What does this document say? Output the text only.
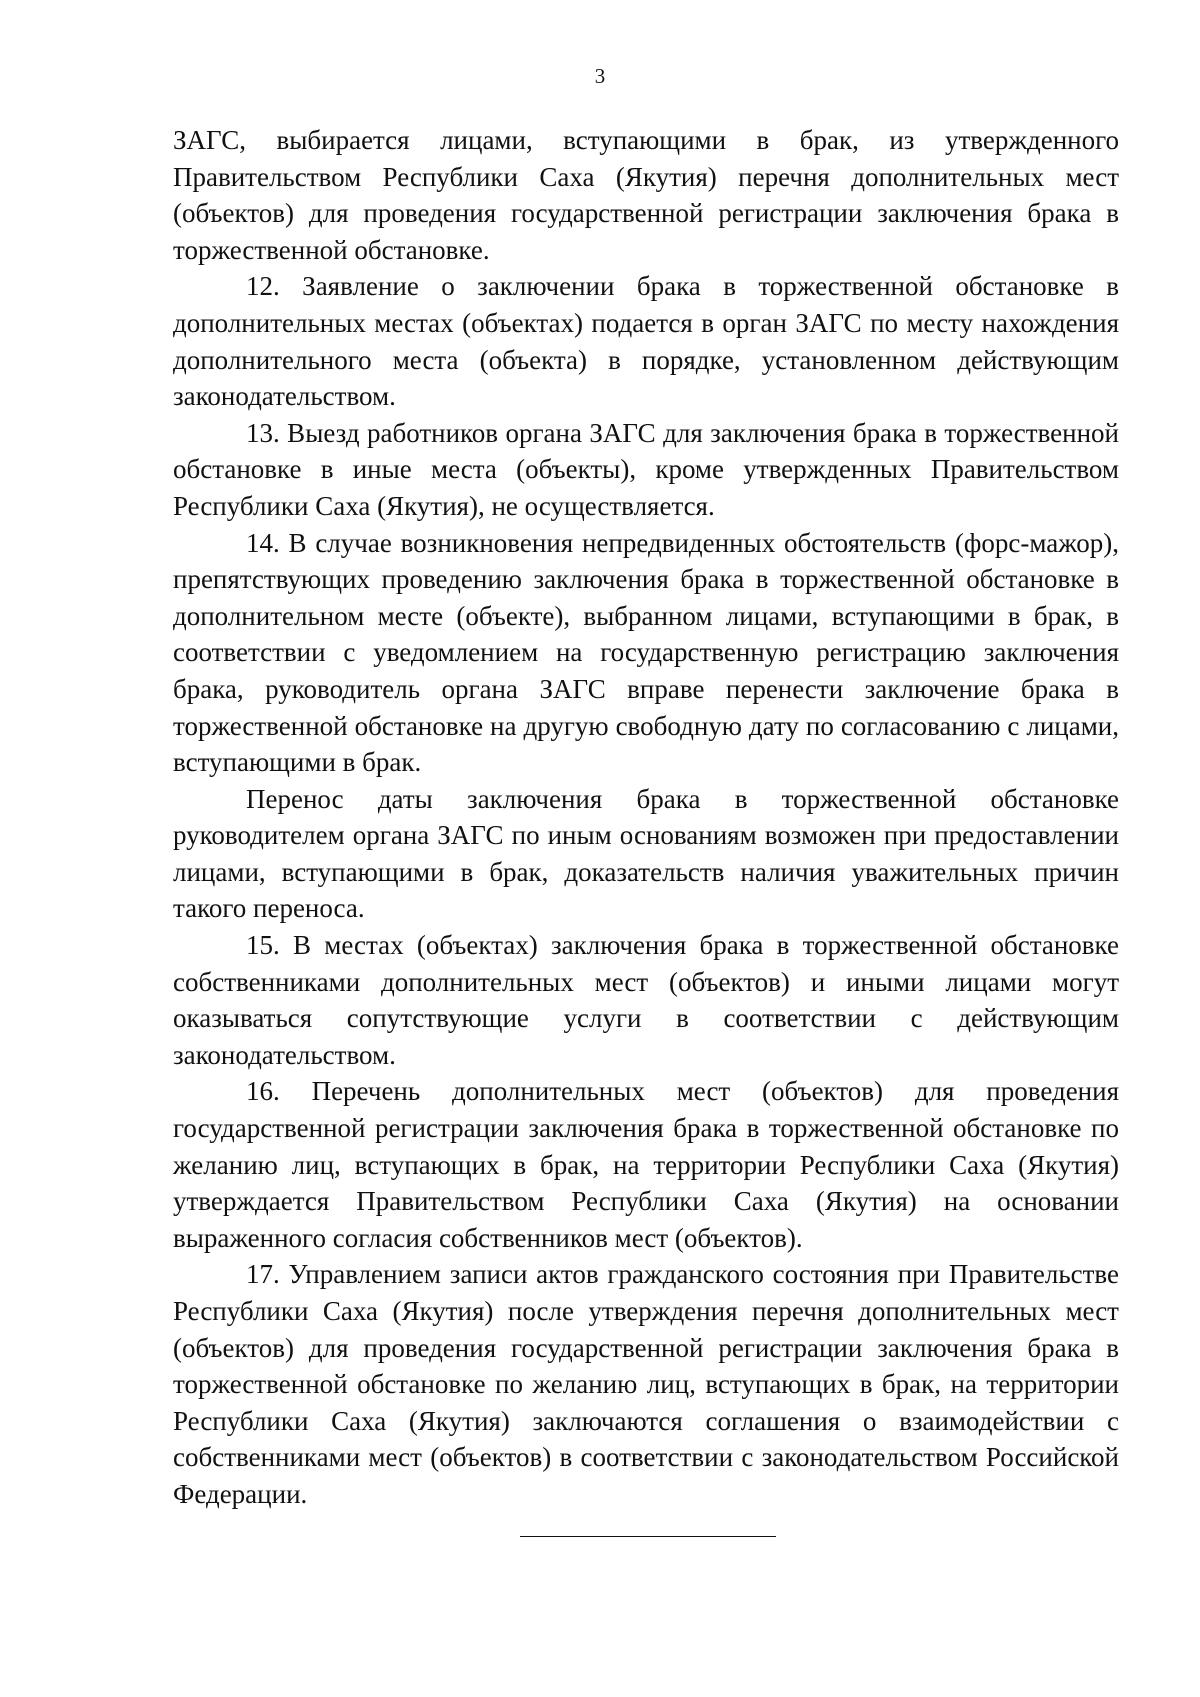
3

ЗАГС, выбирается лицами, вступающими в брак, из утвержденного Правительством Республики Саха (Якутия) перечня дополнительных мест (объектов) для проведения государственной регистрации заключения брака в торжественной обстановке.

12. Заявление о заключении брака в торжественной обстановке в дополнительных местах (объектах) подается в орган ЗАГС по месту нахождения дополнительного места (объекта) в порядке, установленном действующим законодательством.

13. Выезд работников органа ЗАГС для заключения брака в торжественной обстановке в иные места (объекты), кроме утвержденных Правительством Республики Саха (Якутия), не осуществляется.

14. В случае возникновения непредвиденных обстоятельств (форс-мажор), препятствующих проведению заключения брака в торжественной обстановке в дополнительном месте (объекте), выбранном лицами, вступающими в брак, в соответствии с уведомлением на государственную регистрацию заключения брака, руководитель органа ЗАГС вправе перенести заключение брака в торжественной обстановке на другую свободную дату по согласованию с лицами, вступающими в брак.

Перенос даты заключения брака в торжественной обстановке руководителем органа ЗАГС по иным основаниям возможен при предоставлении лицами, вступающими в брак, доказательств наличия уважительных причин такого переноса.

15. В местах (объектах) заключения брака в торжественной обстановке собственниками дополнительных мест (объектов) и иными лицами могут оказываться сопутствующие услуги в соответствии с действующим законодательством.

16. Перечень дополнительных мест (объектов) для проведения государственной регистрации заключения брака в торжественной обстановке по желанию лиц, вступающих в брак, на территории Республики Саха (Якутия) утверждается Правительством Республики Саха (Якутия) на основании выраженного согласия собственников мест (объектов).

17. Управлением записи актов гражданского состояния при Правительстве Республики Саха (Якутия) после утверждения перечня дополнительных мест (объектов) для проведения государственной регистрации заключения брака в торжественной обстановке по желанию лиц, вступающих в брак, на территории Республики Саха (Якутия) заключаются соглашения о взаимодействии с собственниками мест (объектов) в соответствии с законодательством Российской Федерации.
